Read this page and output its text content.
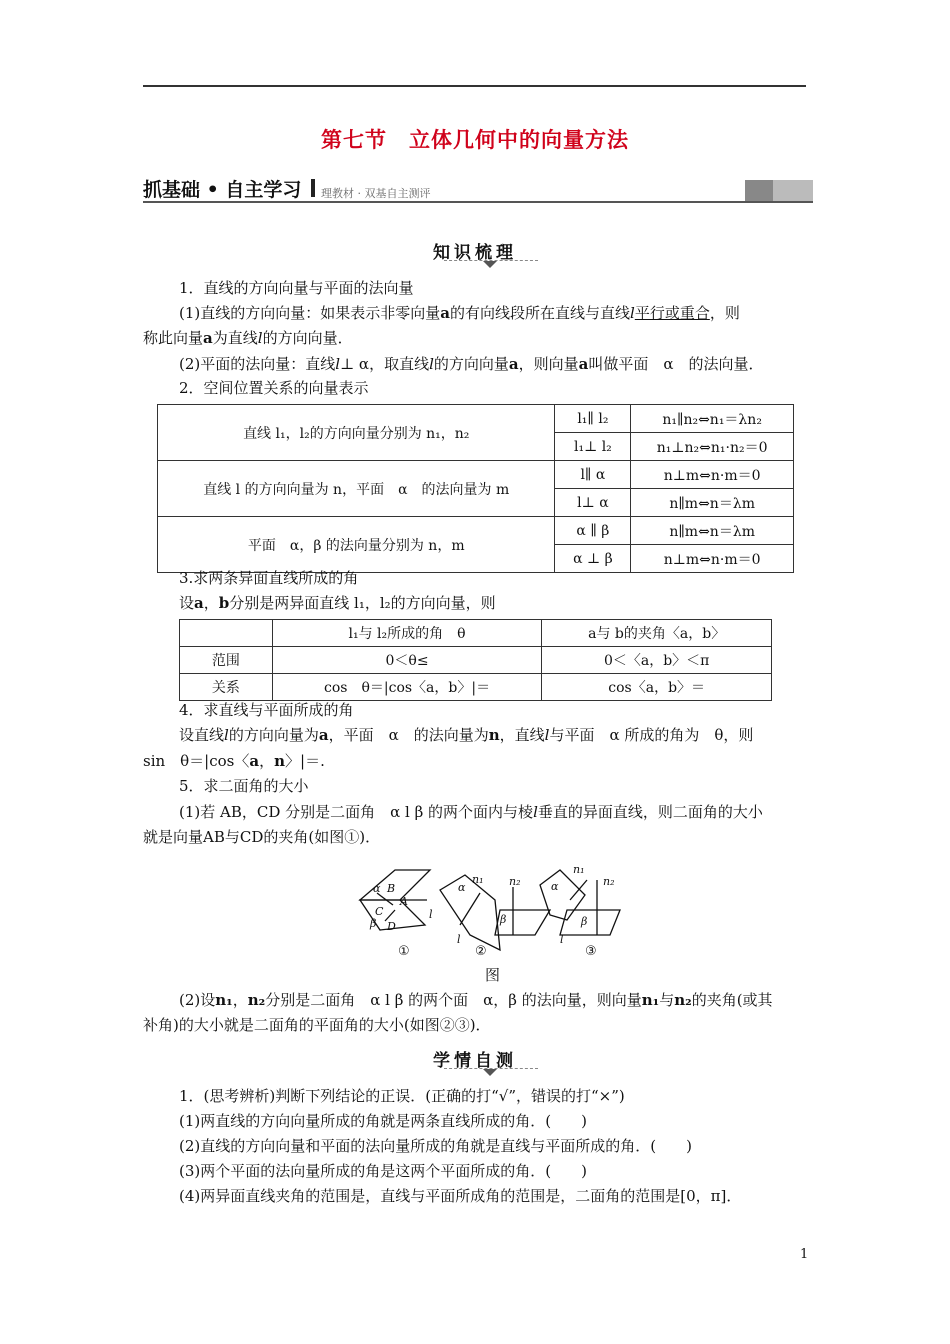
第七节　立体几何中的向量方法
抓基础 • 自主学习 理教材 · 双基自主测评
知识梳理
1．直线的方向向量与平面的法向量
(1)直线的方向向量：如果表示非零向量a的有向线段所在直线与直线l平行或重合，则
称此向量a为直线l的方向向量．
(2)平面的法向量：直线l⊥ α，取直线l的方向向量a，则向量a叫做平面　α　的法向量．
2．空间位置关系的向量表示
直线 l₁，l₂的方向向量分别为 n₁，n₂	l₁∥ l₂	n₁∥n₂⇔n₁＝λn₂
	l₁⊥ l₂	n₁⊥n₂⇔n₁·n₂＝0
直线 l 的方向向量为 n，平面　α　的法向量为 m	l∥ α	n⊥m⇔n·m＝0
	l⊥ α	n∥m⇔n＝λm
平面　α，β 的法向量分别为 n，m	α ∥ β	n∥m⇔n＝λm
	α ⊥ β	n⊥m⇔n·m＝0
3.求两条异面直线所成的角
设a，b分别是两异面直线 l₁，l₂的方向向量，则
	l₁与 l₂所成的角　θ	a与 b的夹角〈a，b〉
范围	0＜θ≤	0＜〈a，b〉＜π
关系	cos　θ＝|cos〈a，b〉|＝	cos〈a，b〉＝
4．求直线与平面所成的角
设直线l的方向向量为a，平面　α　的法向量为n，直线l与平面　α 所成的角为　θ，则
sin　θ＝|cos〈a，n〉|＝.
5．求二面角的大小
(1)若 AB，CD 分别是二面角　α l β 的两个面内与棱l垂直的异面直线，则二面角的大小
就是向量AB与CD的夹角(如图①)．
α B
A
C
β D
l
α
n₁ n₂
β
l
α
n₁
n₂
β
l
①	②	③
图
(2)设n₁，n₂分别是二面角　α l β 的两个面　α，β 的法向量，则向量n₁与n₂的夹角(或其
补角)的大小就是二面角的平面角的大小(如图②③)．
学情自测
1．(思考辨析)判断下列结论的正误．(正确的打“√”，错误的打“×”)
(1)两直线的方向向量所成的角就是两条直线所成的角．(　　)
(2)直线的方向向量和平面的法向量所成的角就是直线与平面所成的角．(　　)
(3)两个平面的法向量所成的角是这两个平面所成的角．(　　)
(4)两异面直线夹角的范围是，直线与平面所成角的范围是，二面角的范围是[0，π]．
1
